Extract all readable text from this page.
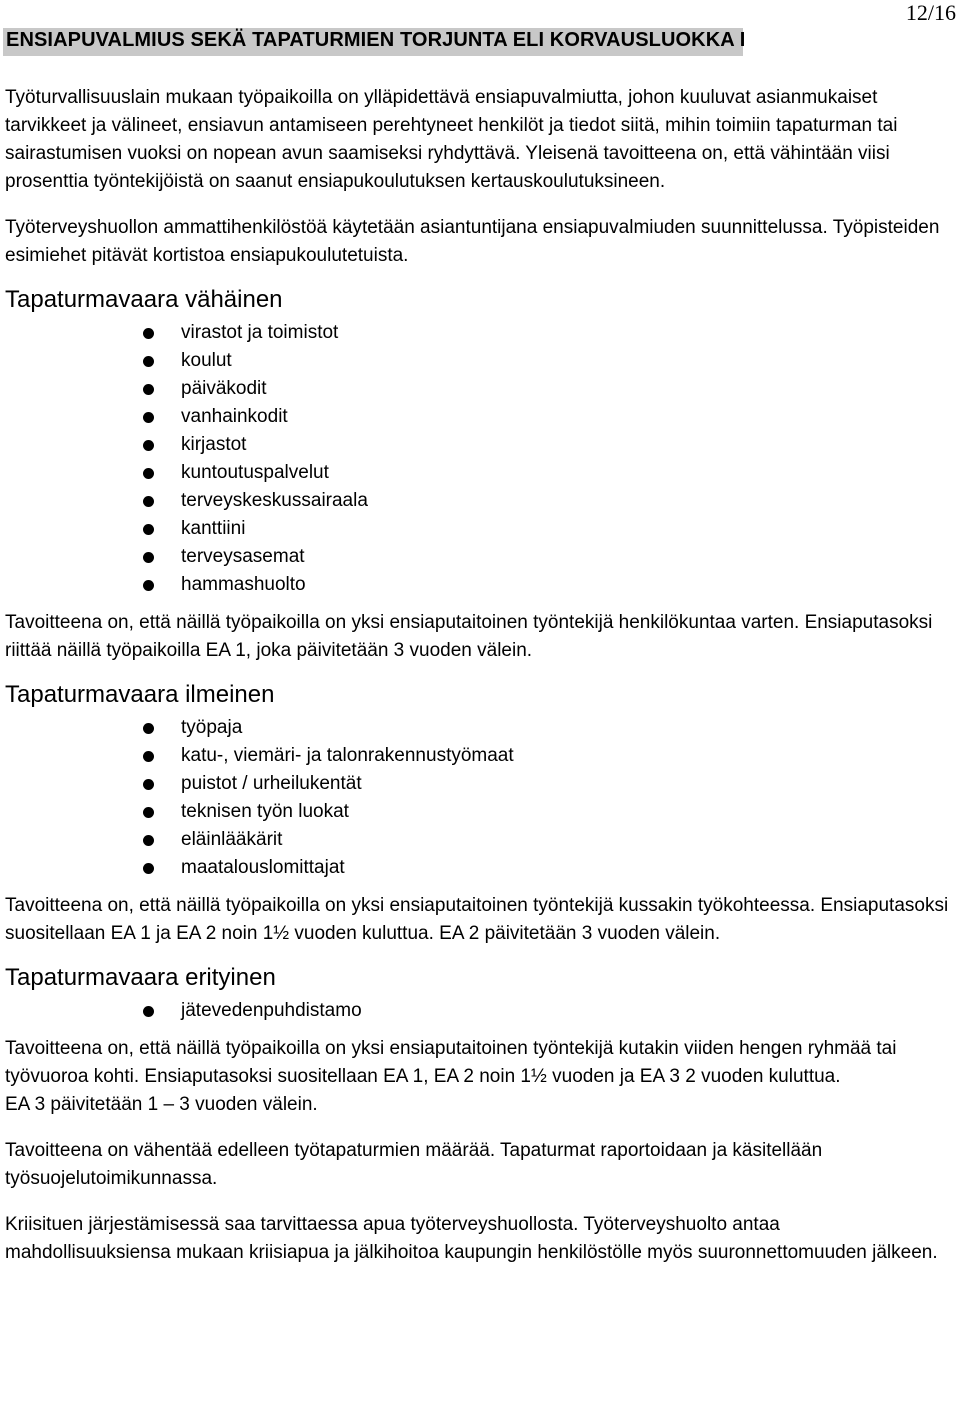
12/16
ENSIAPUVALMIUS SEKÄ TAPATURMIEN TORJUNTA ELI KORVAUSLUOKKA I

Työturvallisuuslain mukaan työpaikoilla on ylläpidettävä ensiapuvalmiutta, johon kuuluvat asianmukaiset tarvikkeet ja välineet, ensiavun antamiseen perehtyneet henkilöt ja tiedot siitä, mihin toimiin tapaturman tai sairastumisen vuoksi on nopean avun saamiseksi ryhdyttävä. Yleisenä tavoitteena on, että vähintään viisi prosenttia työntekijöistä on saanut ensiapukoulutuksen kertauskoulutuksineen.

Työterveyshuollon ammattihenkilöstöä käytetään asiantuntijana ensiapuvalmiuden suunnittelussa. Työpisteiden esimiehet pitävät kortistoa ensiapukoulutetuista.

Tapaturmavaara vähäinen
virastot ja toimistot
koulut
päiväkodit
vanhainkodit
kirjastot
kuntoutuspalvelut
terveyskeskussairaala
kanttiini
terveysasemat
hammashuolto

Tavoitteena on, että näillä työpaikoilla on yksi ensiaputaitoinen työntekijä henkilökuntaa varten. Ensiaputasoksi riittää näillä työpaikoilla EA 1, joka päivitetään 3 vuoden välein.

Tapaturmavaara ilmeinen
työpaja
katu-, viemäri- ja talonrakennustyömaat
puistot / urheilukentät
teknisen työn luokat
eläinlääkärit
maatalouslomittajat

Tavoitteena on, että näillä työpaikoilla on yksi ensiaputaitoinen työntekijä kussakin työkohteessa. Ensiaputasoksi suositellaan EA 1 ja EA 2 noin 1½ vuoden kuluttua. EA 2 päivitetään 3 vuoden välein.

Tapaturmavaara erityinen
jätevedenpuhdistamo

Tavoitteena on, että näillä työpaikoilla on yksi ensiaputaitoinen työntekijä kutakin viiden hengen ryhmää tai työvuoroa kohti. Ensiaputasoksi suositellaan EA 1, EA 2 noin 1½ vuoden ja EA 3 2 vuoden kuluttua.

EA 3 päivitetään 1 – 3 vuoden välein.

Tavoitteena on vähentää edelleen työtapaturmien määrää. Tapaturmat raportoidaan ja käsitellään työsuojelutoimikunnassa.

Kriisituen järjestämisessä saa tarvittaessa apua työterveyshuollosta. Työterveyshuolto antaa mahdollisuuksiensa mukaan kriisiapua ja jälkihoitoa kaupungin henkilöstölle myös suuronnettomuuden jälkeen.
